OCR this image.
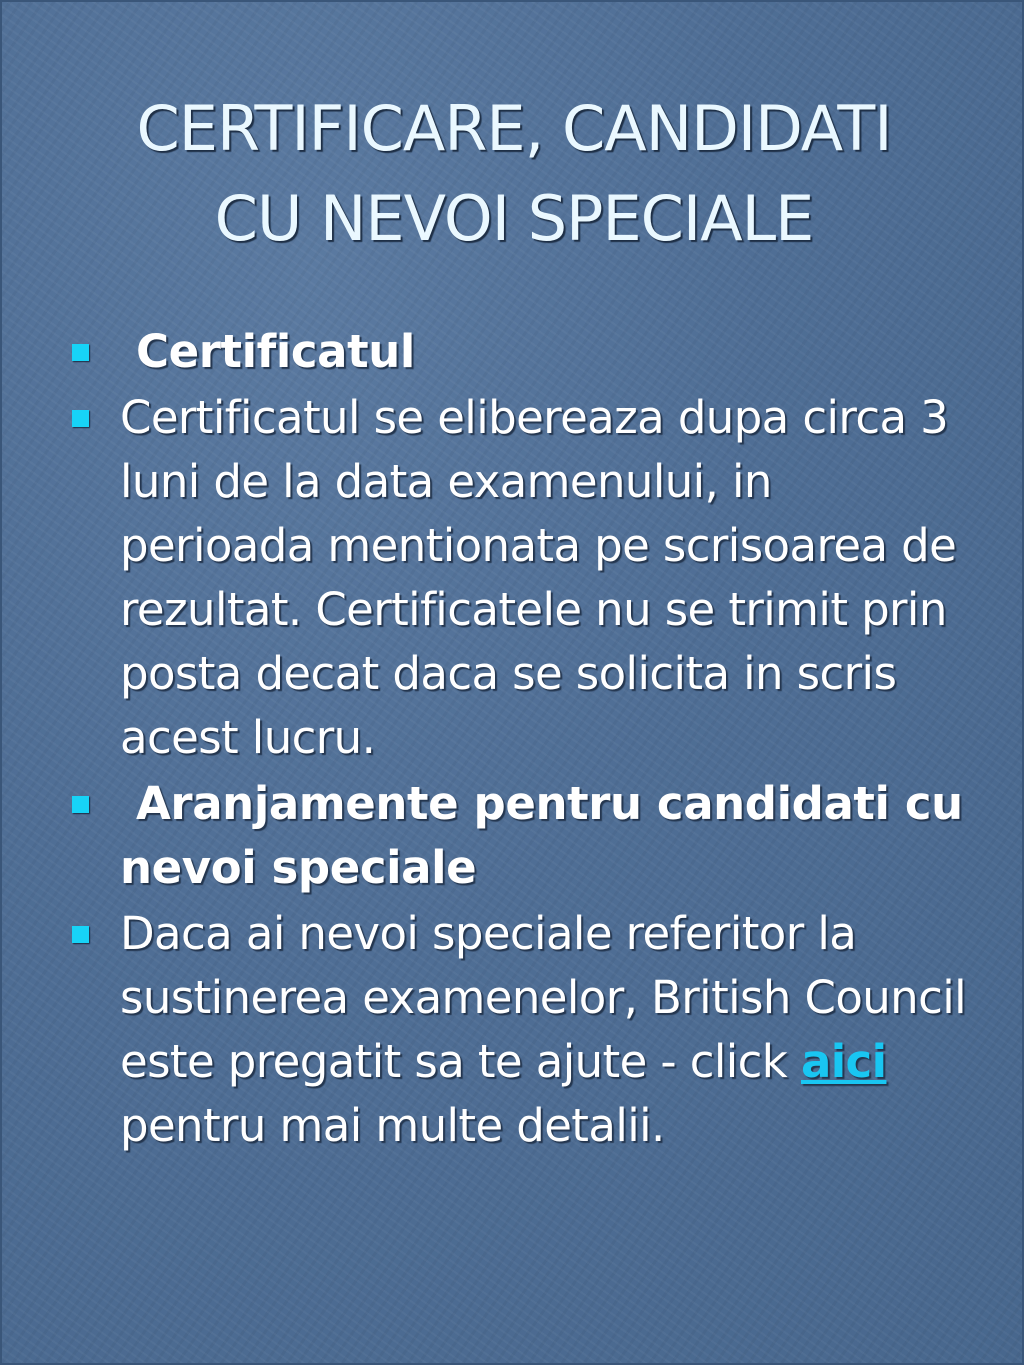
CERTIFICARE, CANDIDATI
CU NEVOI SPECIALE
Certificatul
Certificatul se elibereaza dupa circa 3 luni de la data examenului, in perioada mentionata pe scrisoarea de rezultat. Certificatele nu se trimit prin posta decat daca se solicita in scris acest lucru.
Aranjamente pentru candidati cu nevoi speciale
Daca ai nevoi speciale referitor la sustinerea examenelor, British Council este pregatit sa te ajute - click aici pentru mai multe detalii.
